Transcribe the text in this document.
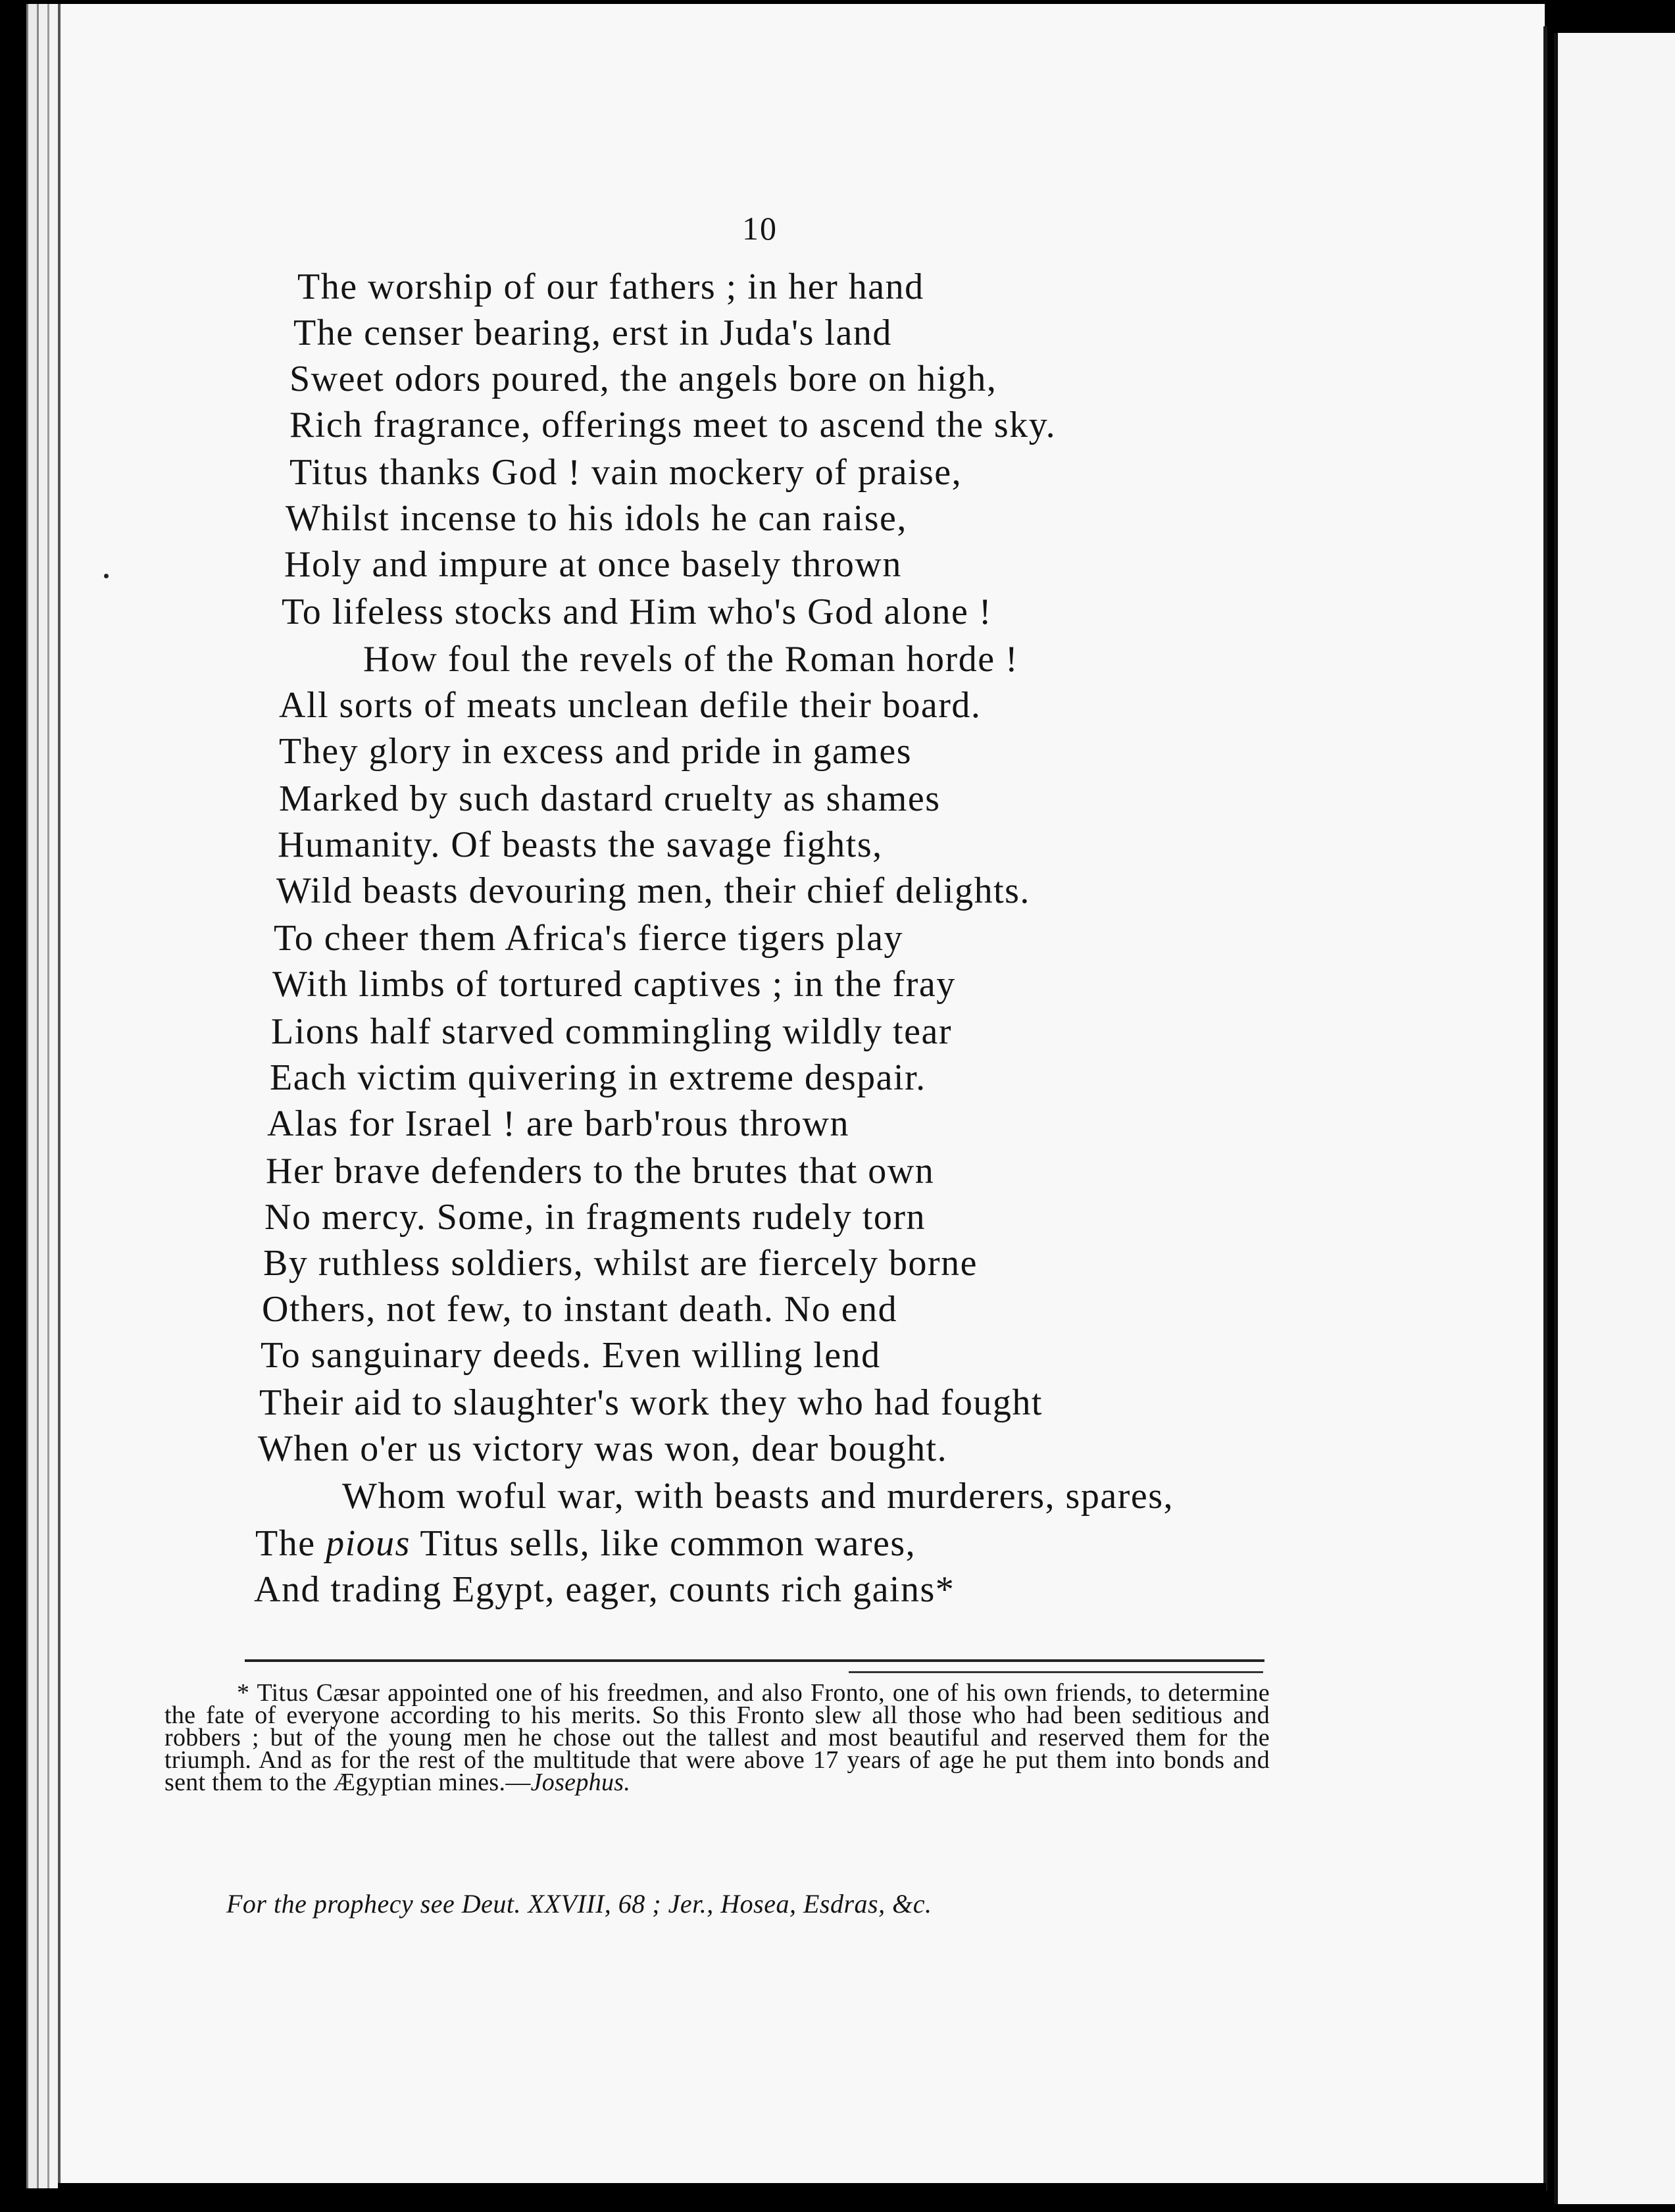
10
The worship of our fathers ; in her hand
The censer bearing, erst in Juda's land
Sweet odors poured, the angels bore on high,
Rich fragrance, offerings meet to ascend the sky.
Titus thanks God ! vain mockery of praise,
Whilst incense to his idols he can raise,
Holy and impure at once basely thrown
To lifeless stocks and Him who's God alone !
How foul the revels of the Roman horde !
All sorts of meats unclean defile their board.
They glory in excess and pride in games
Marked by such dastard cruelty as shames
Humanity. Of beasts the savage fights,
Wild beasts devouring men, their chief delights.
To cheer them Africa's fierce tigers play
With limbs of tortured captives ; in the fray
Lions half starved commingling wildly tear
Each victim quivering in extreme despair.
Alas for Israel ! are barb'rous thrown
Her brave defenders to the brutes that own
No mercy. Some, in fragments rudely torn
By ruthless soldiers, whilst are fiercely borne
Others, not few, to instant death. No end
To sanguinary deeds. Even willing lend
Their aid to slaughter's work they who had fought
When o'er us victory was won, dear bought.
Whom woful war, with beasts and murderers, spares,
The pious Titus sells, like common wares,
And trading Egypt, eager, counts rich gains*
* Titus Cæsar appointed one of his freedmen, and also Fronto, one of his own friends, to determine the fate of everyone according to his merits. So this Fronto slew all those who had been seditious and robbers ; but of the young men he chose out the tallest and most beautiful and reserved them for the triumph. And as for the rest of the multitude that were above 17 years of age he put them into bonds and sent them to the Ægyptian mines.—Josephus.
For the prophecy see Deut. XXVIII, 68 ; Jer., Hosea, Esdras, &c.
